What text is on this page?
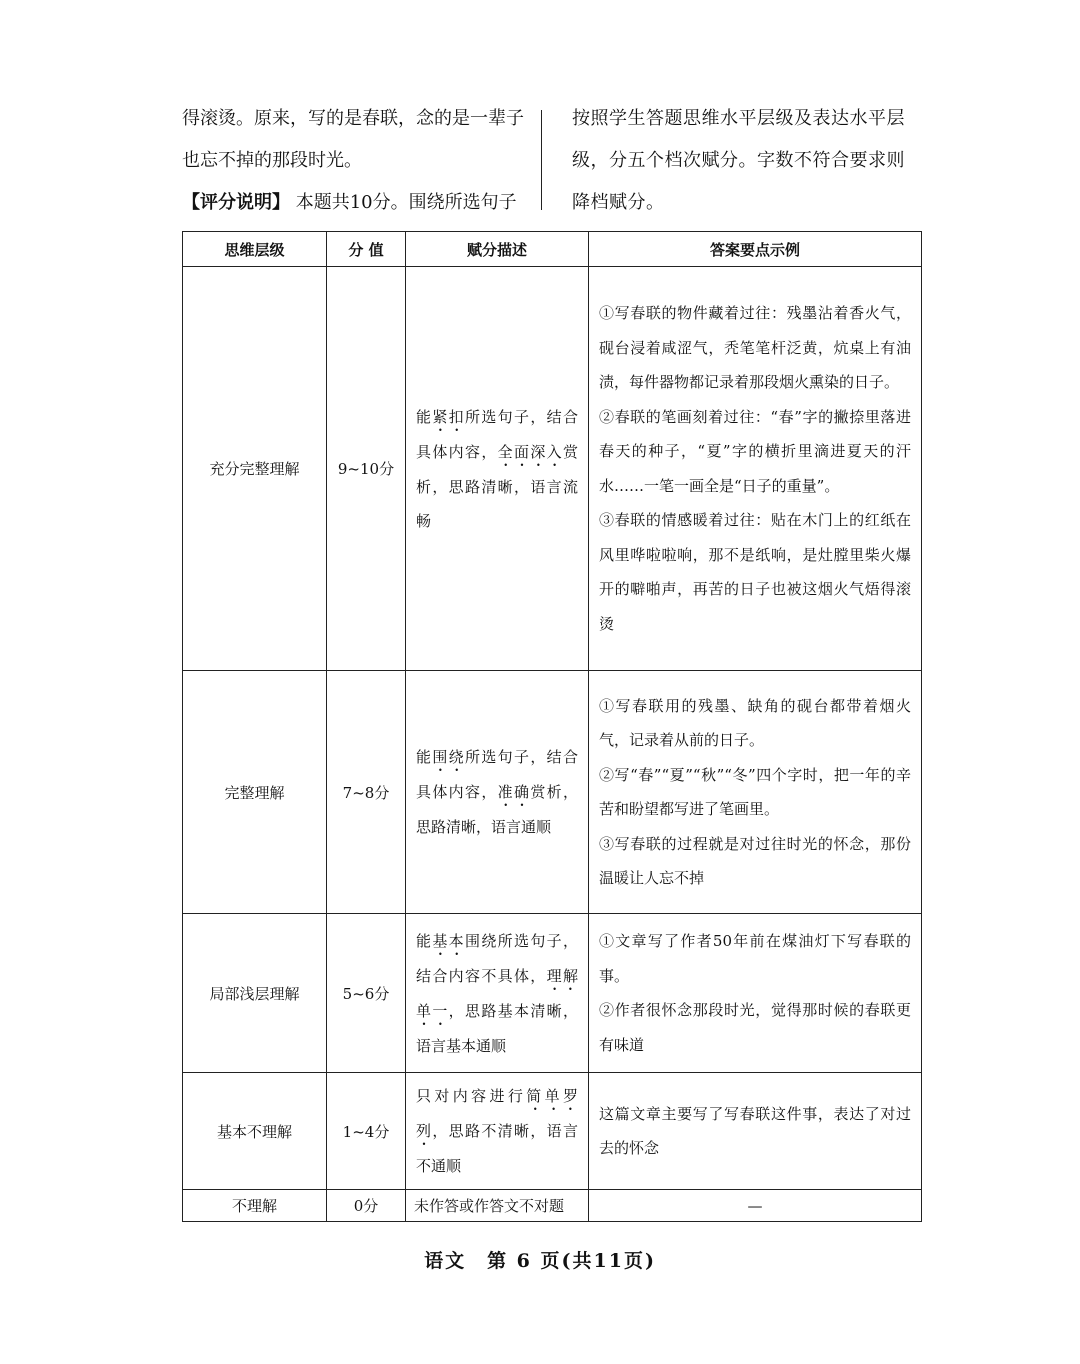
得滚烫。原来，写的是春联，念的是一辈子

也忘不掉的那段时光。

【评分说明】 本题共10分。围绕所选句子

按照学生答题思维水平层级及表达水平层级，分五个档次赋分。字数不符合要求则降档赋分。

思维层级	分 值	赋分描述	答案要点示例
充分完整理解	9~10分	能紧扣所选句子，结合具体内容，全面深入赏析，思路清晰，语言流畅	①写春联的物件藏着过往：残墨沾着香火气，砚台浸着咸涩气，秃笔笔杆泛黄，炕桌上有油渍，每件器物都记录着那段烟火熏染的日子。

②春联的笔画刻着过往：“春”字的撇捺里落进春天的种子，“夏”字的横折里滴进夏天的汗水……一笔一画全是“日子的重量”。

③春联的情感暖着过往：贴在木门上的红纸在风里哗啦啦响，那不是纸响，是灶膛里柴火爆开的噼啪声，再苦的日子也被这烟火气焐得滚烫

完整理解	7~8分	能围绕所选句子，结合具体内容，准确赏析，思路清晰，语言通顺	①写春联用的残墨、缺角的砚台都带着烟火气，记录着从前的日子。

②写“春”“夏”“秋”“冬”四个字时，把一年的辛苦和盼望都写进了笔画里。

③写春联的过程就是对过往时光的怀念，那份温暖让人忘不掉

局部浅层理解	5~6分	能基本围绕所选句子，结合内容不具体，理解单一，思路基本清晰，语言基本通顺	①文章写了作者50年前在煤油灯下写春联的事。

②作者很怀念那段时光，觉得那时候的春联更有味道

基本不理解	1~4分	只对内容进行简单罗列，思路不清晰，语言不通顺	这篇文章主要写了写春联这件事，表达了对过去的怀念

不理解	0分	未作答或作答文不对题	—

语文　第 6 页(共11页)
